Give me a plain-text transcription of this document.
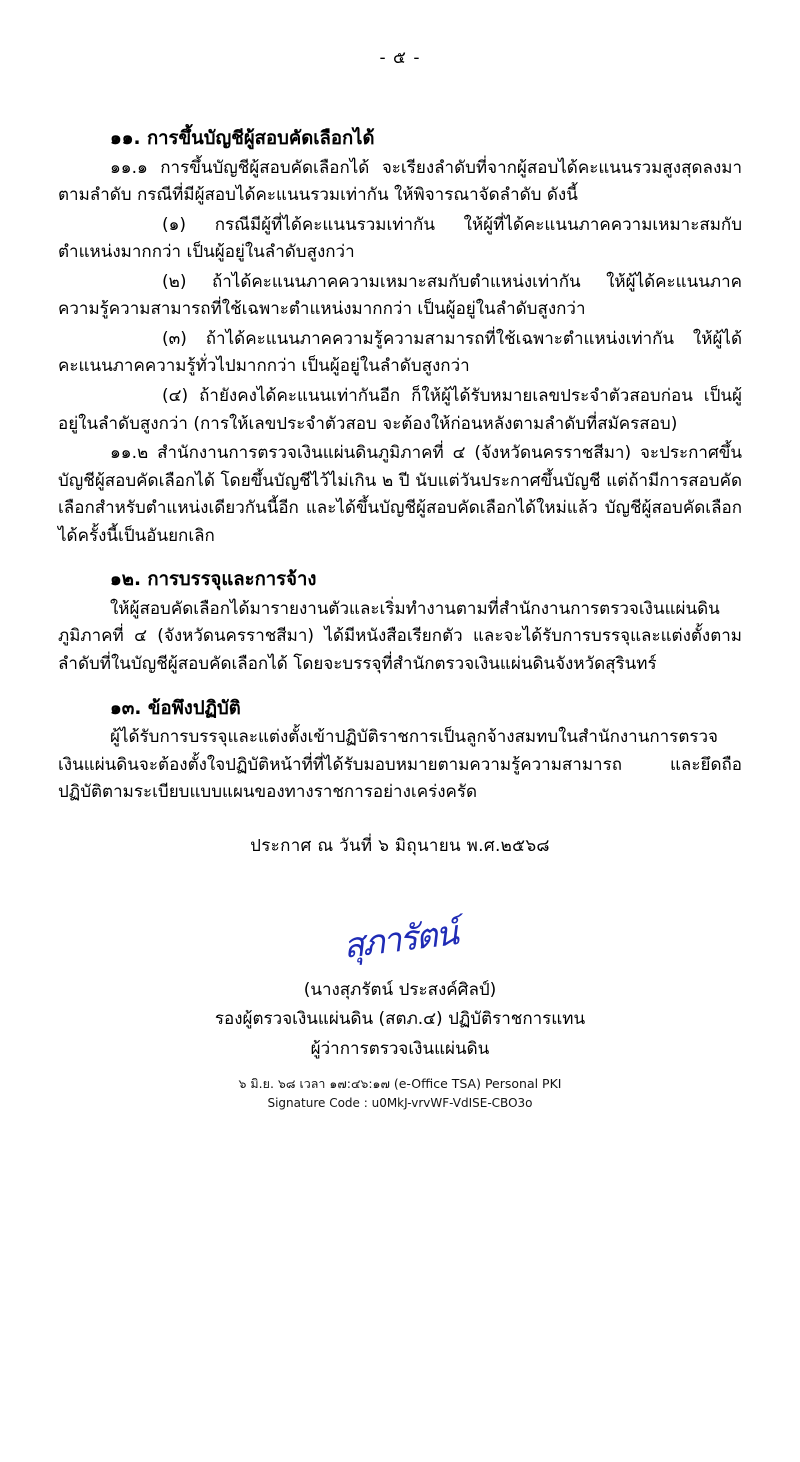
- ๕ -
๑๑. การขึ้นบัญชีผู้สอบคัดเลือกได้

๑๑.๑ การขึ้นบัญชีผู้สอบคัดเลือกได้ จะเรียงลำดับที่จากผู้สอบได้คะแนนรวมสูงสุดลงมาตามลำดับ กรณีที่มีผู้สอบได้คะแนนรวมเท่ากัน ให้พิจารณาจัดลำดับ ดังนี้

(๑) กรณีมีผู้ที่ได้คะแนนรวมเท่ากัน ให้ผู้ที่ได้คะแนนภาคความเหมาะสมกับตำแหน่งมากกว่า เป็นผู้อยู่ในลำดับสูงกว่า

(๒) ถ้าได้คะแนนภาคความเหมาะสมกับตำแหน่งเท่ากัน ให้ผู้ได้คะแนนภาคความรู้ความสามารถที่ใช้เฉพาะตำแหน่งมากกว่า เป็นผู้อยู่ในลำดับสูงกว่า

(๓) ถ้าได้คะแนนภาคความรู้ความสามารถที่ใช้เฉพาะตำแหน่งเท่ากัน ให้ผู้ได้คะแนนภาคความรู้ทั่วไปมากกว่า เป็นผู้อยู่ในลำดับสูงกว่า

(๔) ถ้ายังคงได้คะแนนเท่ากันอีก ก็ให้ผู้ได้รับหมายเลขประจำตัวสอบก่อน เป็นผู้อยู่ในลำดับสูงกว่า (การให้เลขประจำตัวสอบ จะต้องให้ก่อนหลังตามลำดับที่สมัครสอบ)

๑๑.๒ สำนักงานการตรวจเงินแผ่นดินภูมิภาคที่ ๔ (จังหวัดนครราชสีมา) จะประกาศขึ้นบัญชีผู้สอบคัดเลือกได้ โดยขึ้นบัญชีไว้ไม่เกิน ๒ ปี นับแต่วันประกาศขึ้นบัญชี แต่ถ้ามีการสอบคัดเลือกสำหรับตำแหน่งเดียวกันนี้อีก และได้ขึ้นบัญชีผู้สอบคัดเลือกได้ใหม่แล้ว บัญชีผู้สอบคัดเลือกได้ครั้งนี้เป็นอันยกเลิก

๑๒. การบรรจุและการจ้าง

ให้ผู้สอบคัดเลือกได้มารายงานตัวและเริ่มทำงานตามที่สำนักงานการตรวจเงินแผ่นดินภูมิภาคที่ ๔ (จังหวัดนครราชสีมา) ได้มีหนังสือเรียกตัว และจะได้รับการบรรจุและแต่งตั้งตามลำดับที่ในบัญชีผู้สอบคัดเลือกได้ โดยจะบรรจุที่สำนักตรวจเงินแผ่นดินจังหวัดสุรินทร์

๑๓. ข้อพึงปฏิบัติ

ผู้ได้รับการบรรจุและแต่งตั้งเข้าปฏิบัติราชการเป็นลูกจ้างสมทบในสำนักงานการตรวจเงินแผ่นดินจะต้องตั้งใจปฏิบัติหน้าที่ที่ได้รับมอบหมายตามความรู้ความสามารถ และยึดถือปฏิบัติตามระเบียบแบบแผนของทางราชการอย่างเคร่งครัด

ประกาศ ณ วันที่ ๖ มิถุนายน พ.ศ.๒๕๖๘
สุภารัตน์
(นางสุภรัตน์ ประสงค์ศิลป์)
รองผู้ตรวจเงินแผ่นดิน (สตภ.๔) ปฏิบัติราชการแทน
ผู้ว่าการตรวจเงินแผ่นดิน
๖ มิ.ย. ๖๘ เวลา ๑๗:๔๖:๑๗ (e-Office TSA) Personal PKI
Signature Code : u0MkJ-vrvWF-VdISE-CBO3o
